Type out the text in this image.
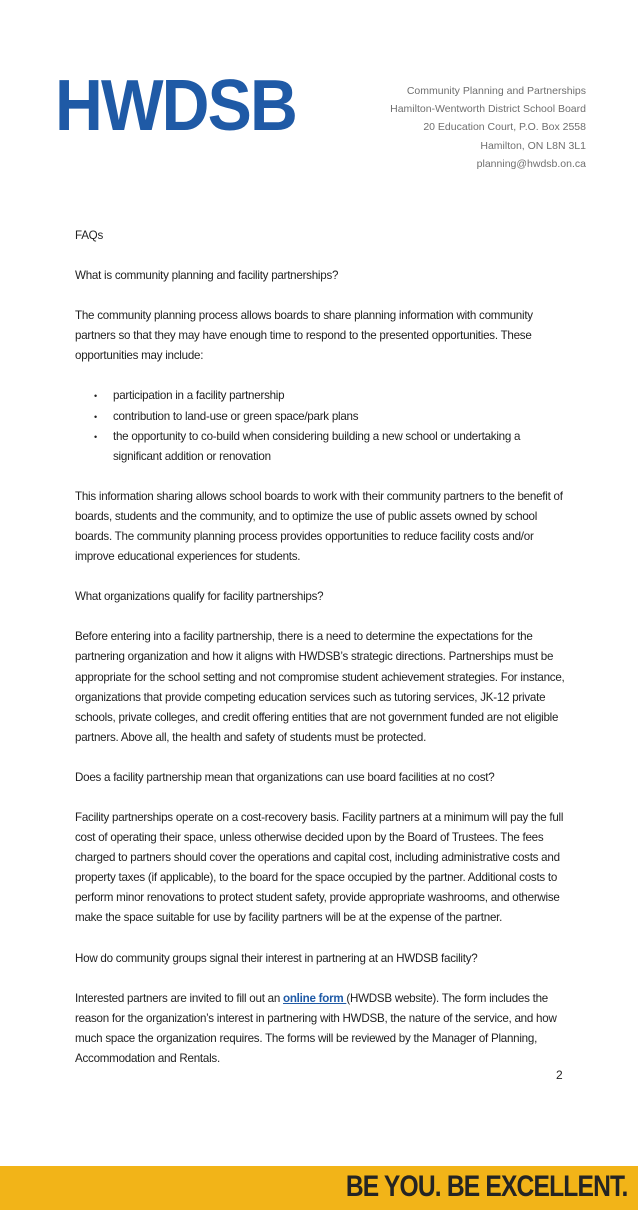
HWDSB	Community Planning and Partnerships
Hamilton-Wentworth District School Board
20 Education Court, P.O. Box 2558
Hamilton, ON L8N 3L1
planning@hwdsb.on.ca

FAQs

What is community planning and facility partnerships?

The community planning process allows boards to share planning information with community partners so that they may have enough time to respond to the presented opportunities. These opportunities may include:

• participation in a facility partnership
• contribution to land-use or green space/park plans
• the opportunity to co-build when considering building a new school or undertaking a significant addition or renovation

This information sharing allows school boards to work with their community partners to the benefit of boards, students and the community, and to optimize the use of public assets owned by school boards. The community planning process provides opportunities to reduce facility costs and/or improve educational experiences for students.

What organizations qualify for facility partnerships?

Before entering into a facility partnership, there is a need to determine the expectations for the partnering organization and how it aligns with HWDSB’s strategic directions. Partnerships must be appropriate for the school setting and not compromise student achievement strategies. For instance, organizations that provide competing education services such as tutoring services, JK-12 private schools, private colleges, and credit offering entities that are not government funded are not eligible partners. Above all, the health and safety of students must be protected.

Does a facility partnership mean that organizations can use board facilities at no cost?

Facility partnerships operate on a cost-recovery basis. Facility partners at a minimum will pay the full cost of operating their space, unless otherwise decided upon by the Board of Trustees. The fees charged to partners should cover the operations and capital cost, including administrative costs and property taxes (if applicable), to the board for the space occupied by the partner. Additional costs to perform minor renovations to protect student safety, provide appropriate washrooms, and otherwise make the space suitable for use by facility partners will be at the expense of the partner.

How do community groups signal their interest in partnering at an HWDSB facility?

Interested partners are invited to fill out an online form (HWDSB website). The form includes the reason for the organization’s interest in partnering with HWDSB, the nature of the service, and how much space the organization requires. The forms will be reviewed by the Manager of Planning, Accommodation and Rentals.

2
BE YOU. BE EXCELLENT.
